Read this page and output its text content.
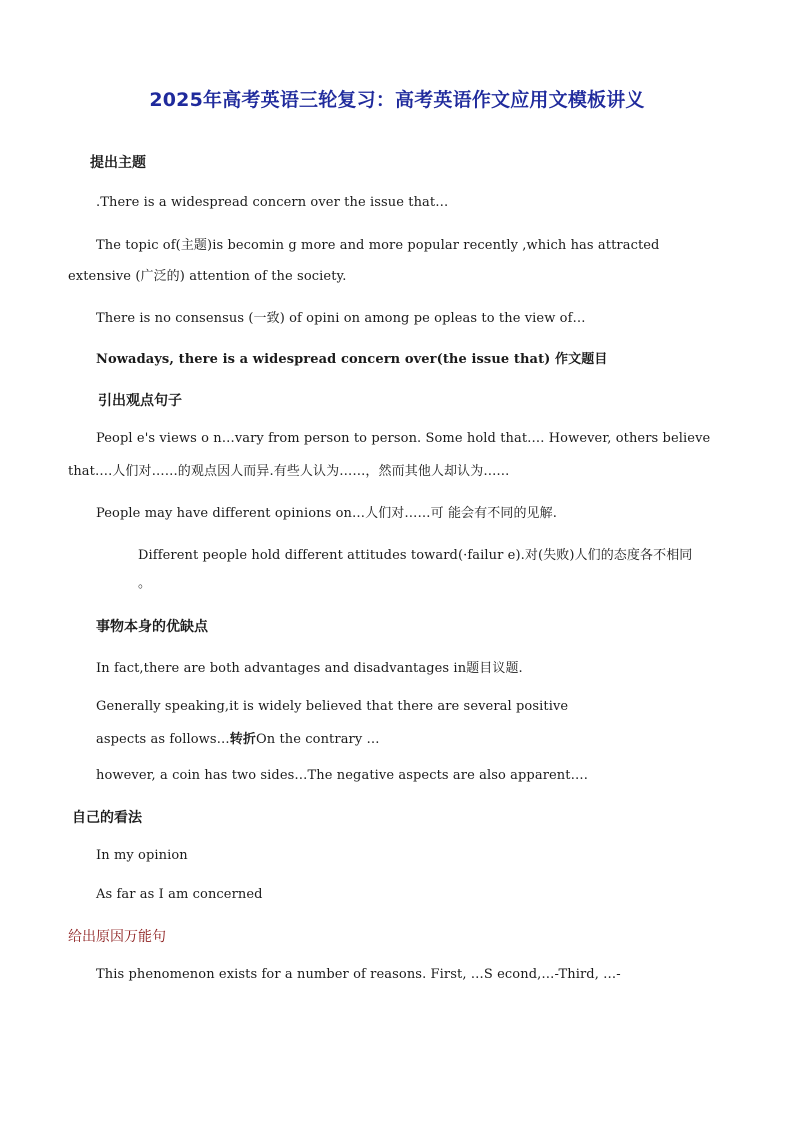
2025年高考英语三轮复习：高考英语作文应用文模板讲义
提出主题
.There is a widespread concern over the issue that…
The topic of(主题)is becomin g more and more popular recently ,which has attracted
extensive (广泛的) attention of the society.
There is no consensus (一致) of opini on among pe opleas to the view of…
Nowadays, there is a widespread concern over(the issue that) 作文题目
引出观点句子
Peopl e's views o n…vary from person to person. Some hold that…. However, others believe
that….人们对……的观点因人而异.有些人认为……，然而其他人却认为……
People may have different opinions on…人们对……可 能会有不同的见解.
Different people hold different attitudes toward(·failur e).对(失败)人们的态度各不相同
。
事物本身的优缺点
In fact,there are both advantages and disadvantages in题目议题.
Generally speaking,it is widely believed that there are several positive
aspects as follows…转折On the contrary …
however, a coin has two sides…The negative aspects are also apparent….
自己的看法
In my opinion
As far as I am concerned
给出原因万能句
This phenomenon exists for a number of reasons. First, …S econd,…-Third, …-
